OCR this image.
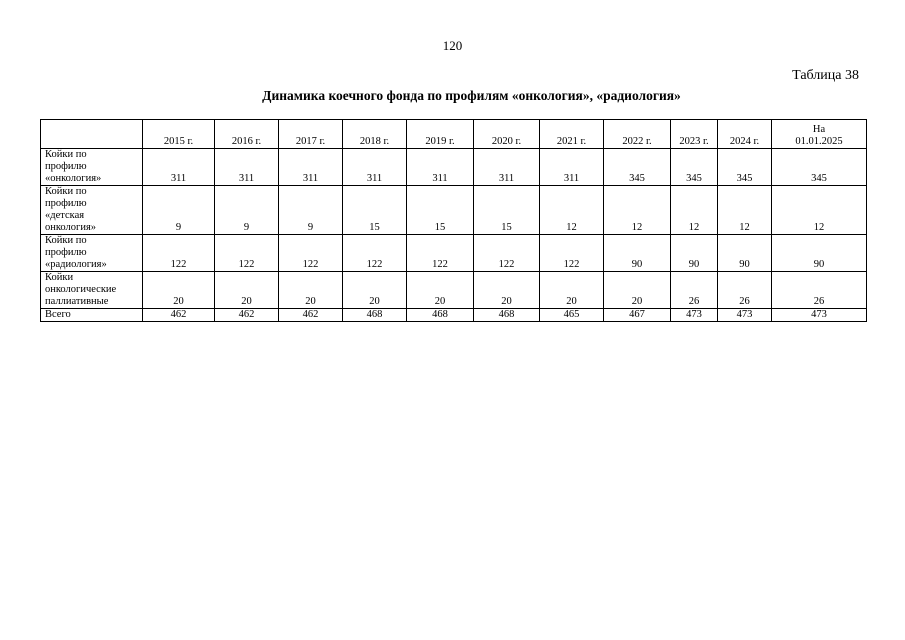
120
Таблица 38
Динамика коечного фонда по профилям «онкология», «радиология»
	2015 г.	2016 г.	2017 г.	2018 г.	2019 г.	2020 г.	2021 г.	2022 г.	2023 г.	2024 г.	На 01.01.2025

Койки по
профилю
«онкология»	311	311	311	311	311	311	311	345	345	345	345

Койки по
профилю
«детская
онкология»	9	9	9	15	15	15	12	12	12	12	12

Койки по
профилю
«радиология»	122	122	122	122	122	122	122	90	90	90	90

Койки
онкологические
паллиативные	20	20	20	20	20	20	20	20	26	26	26

Всего	462	462	462	468	468	468	465	467	473	473	473
